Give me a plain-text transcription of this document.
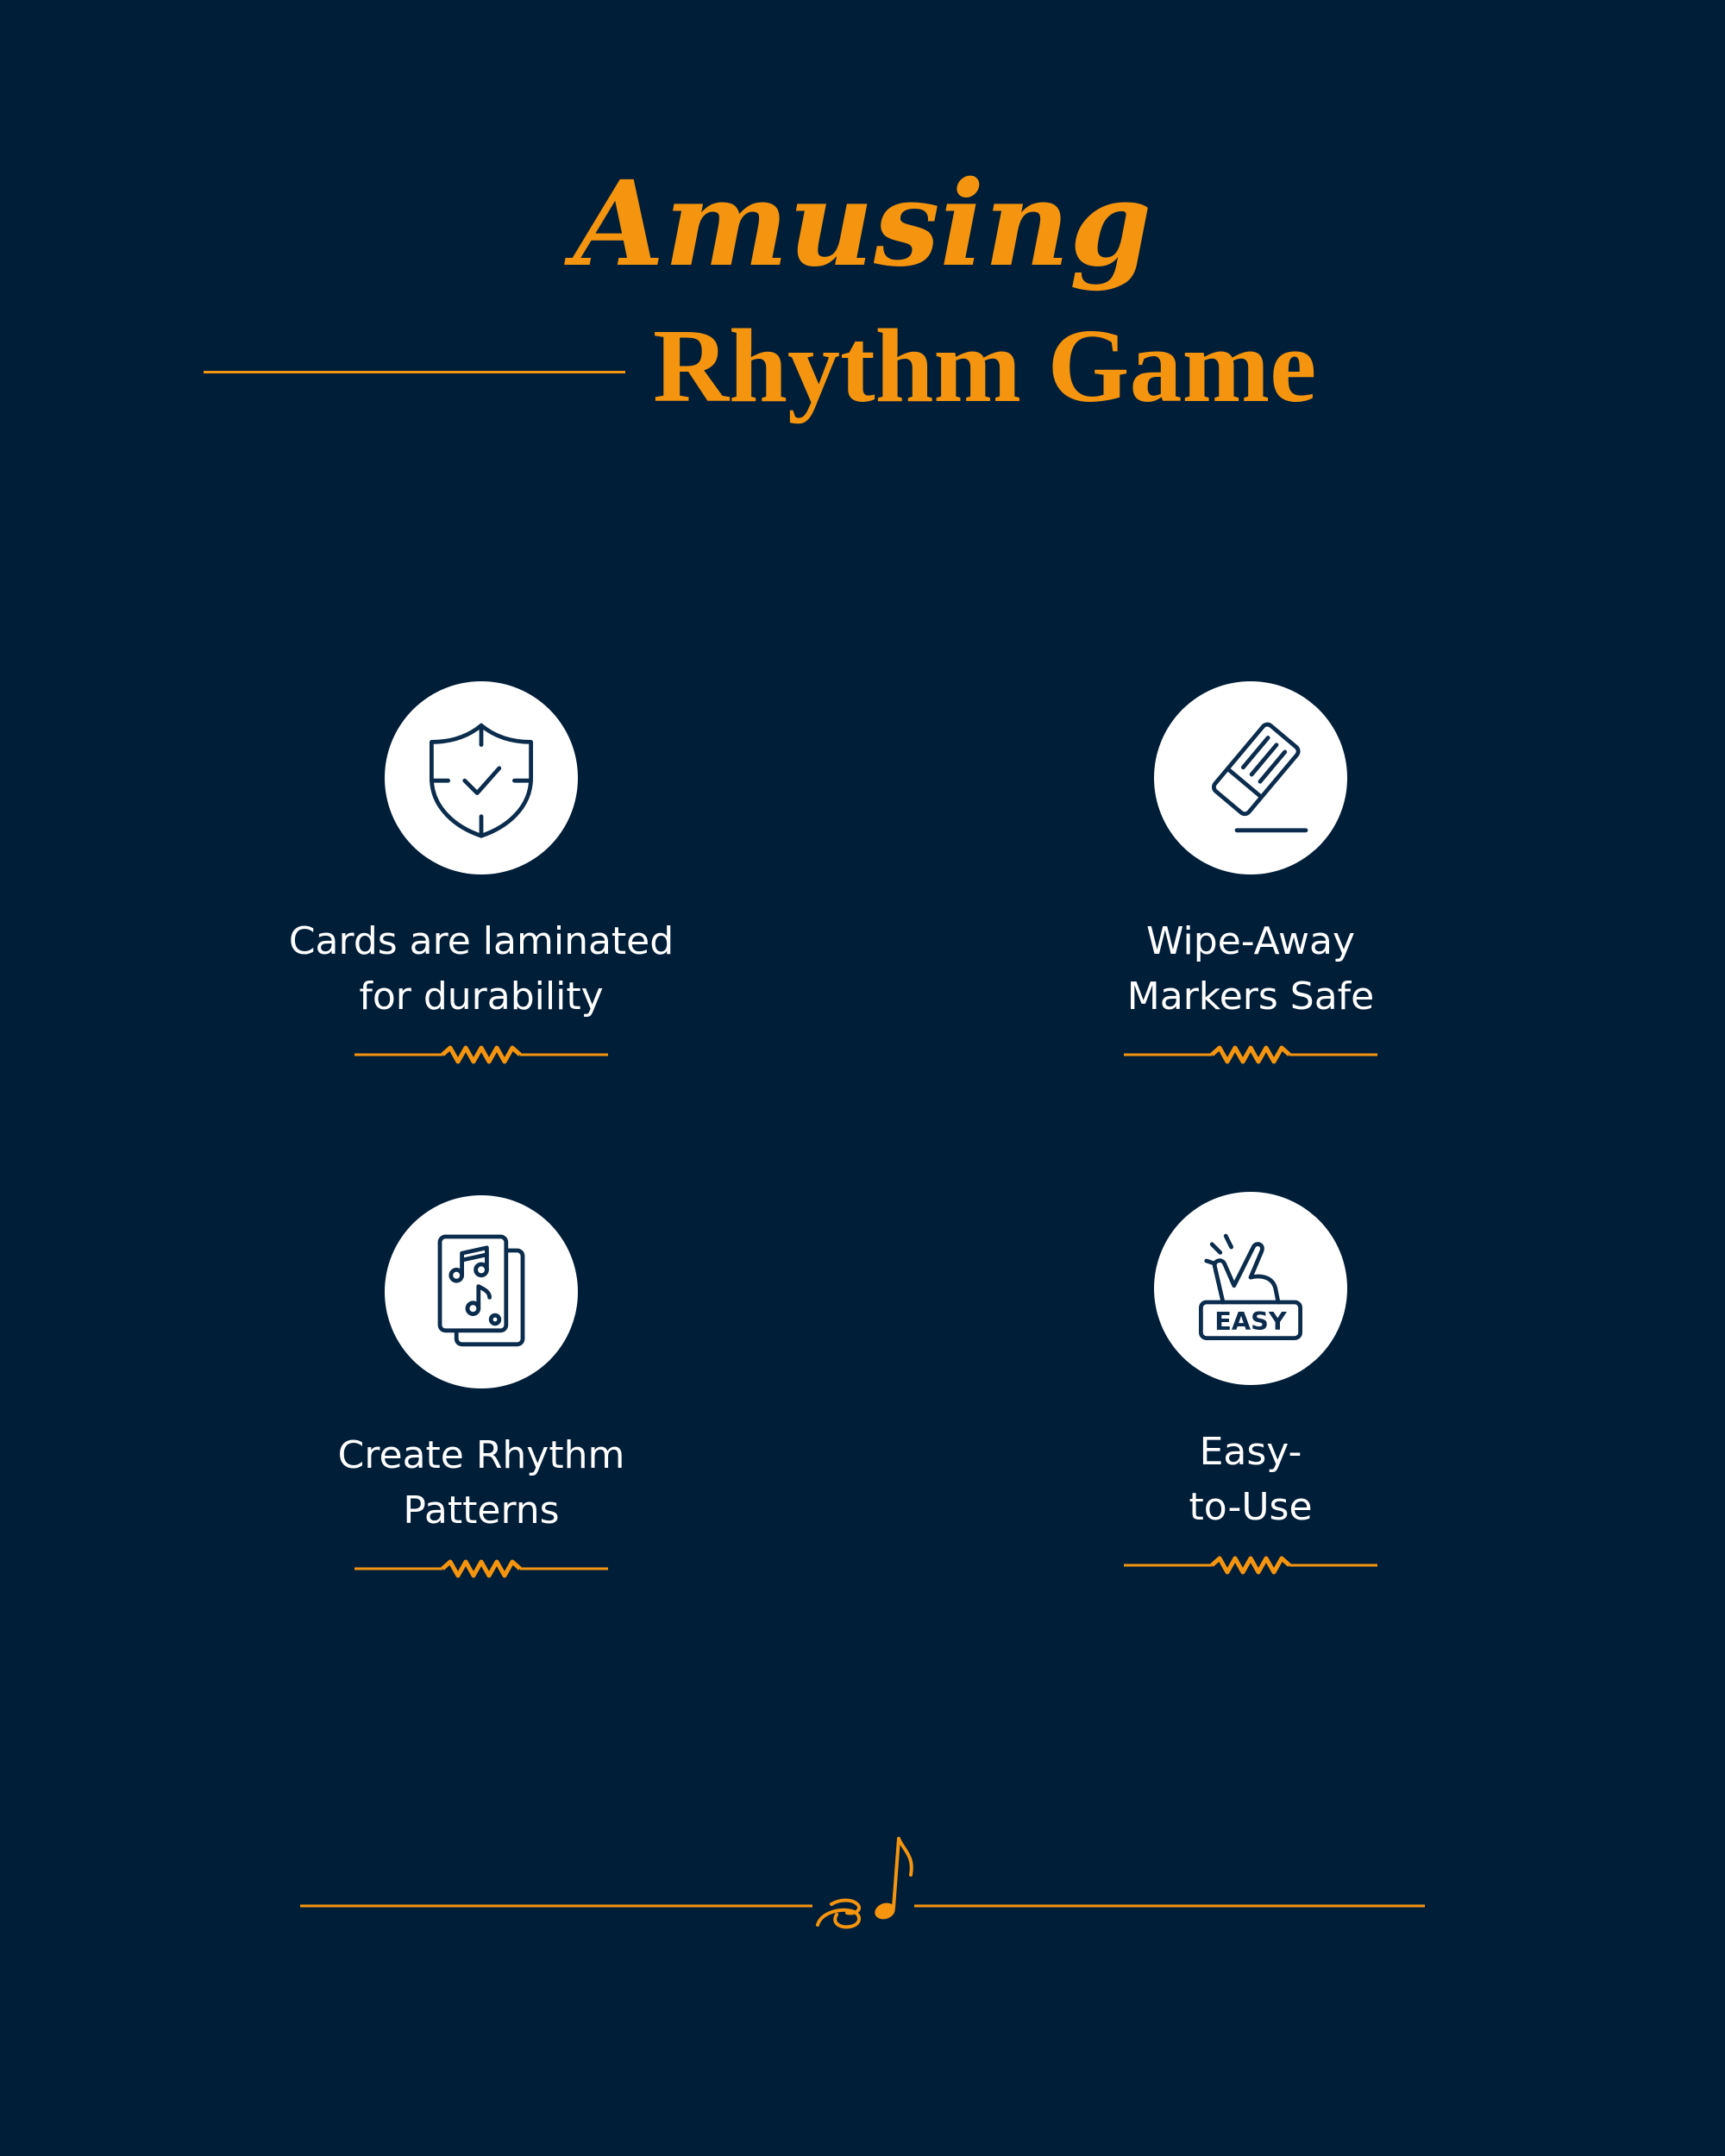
Amusing
Rhythm Game

Cards are laminated
for durability

Wipe-Away
Markers Safe

Create Rhythm
Patterns

EASY

Easy-
to-Use
